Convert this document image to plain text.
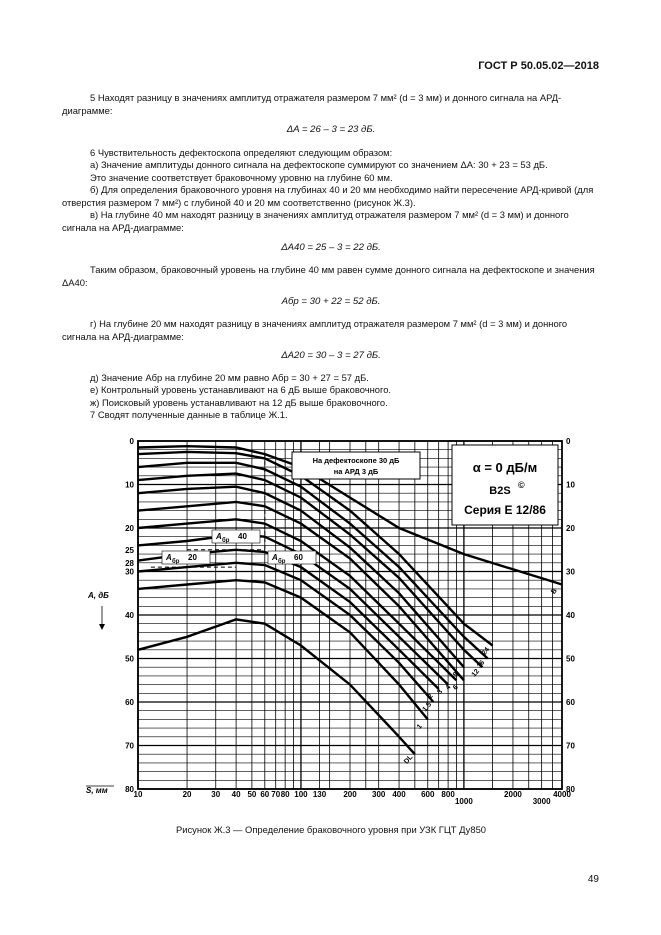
ГОСТ Р 50.05.02—2018
5 Находят разницу в значениях амплитуд отражателя размером 7 мм² (d = 3 мм) и донного сигнала на АРД-диаграмме:
ΔA = 26 – 3 = 23 дБ.
6 Чувствительность дефектоскопа определяют следующим образом:
а) Значение амплитуды донного сигнала на дефектоскопе суммируют со значением ΔA: 30 + 23 = 53 дБ.
Это значение соответствует браковочному уровню на глубине 60 мм.
б) Для определения браковочного уровня на глубинах 40 и 20 мм необходимо найти пересечение АРД-кривой (для отверстия размером 7 мм²) с глубиной 40 и 20 мм соответственно (рисунок Ж.3).
в) На глубине 40 мм находят разницу в значениях амплитуд отражателя размером 7 мм² (d = 3 мм) и донного сигнала на АРД-диаграмме:
ΔA40 = 25 – 3 = 22 дБ.
Таким образом, браковочный уровень на глубине 40 мм равен сумме донного сигнала на дефектоскопе и значения ΔA40:
Aбр = 30 + 22 = 52 дБ.
г) На глубине 20 мм находят разницу в значениях амплитуд отражателя размером 7 мм² (d = 3 мм) и донного сигнала на АРД-диаграмме:
ΔA20 = 30 – 3 = 27 дБ.
д) Значение Aбр на глубине 20 мм равно Aбр = 30 + 27 = 57 дБ.
е) Контрольный уровень устанавливают на 6 дБ выше браковочного.
ж) Поисковый уровень устанавливают на 12 дБ выше браковочного.
7 Сводят полученные данные в таблице Ж.1.
B
24
16
12
8
6
4
3
2
1.5
1
DL
10	20 30 40 50 60 70 80 100 130 200 300 400 600 800
1000
2000
3000
4000
0
10
20
25
28
30
40
50
60
70
80
0
10
20
30
40
50
60
70
80
S, мм
A, дБ
α = 0 дБ/м
B2S ©
Серия Е 12/86
На дефектоскопе 30 дБ
на АРД 3 дБ
A бр 40
A бр 20	A бр 60
Рисунок Ж.3 — Определение браковочного уровня при УЗК ГЦТ Ду850
49
